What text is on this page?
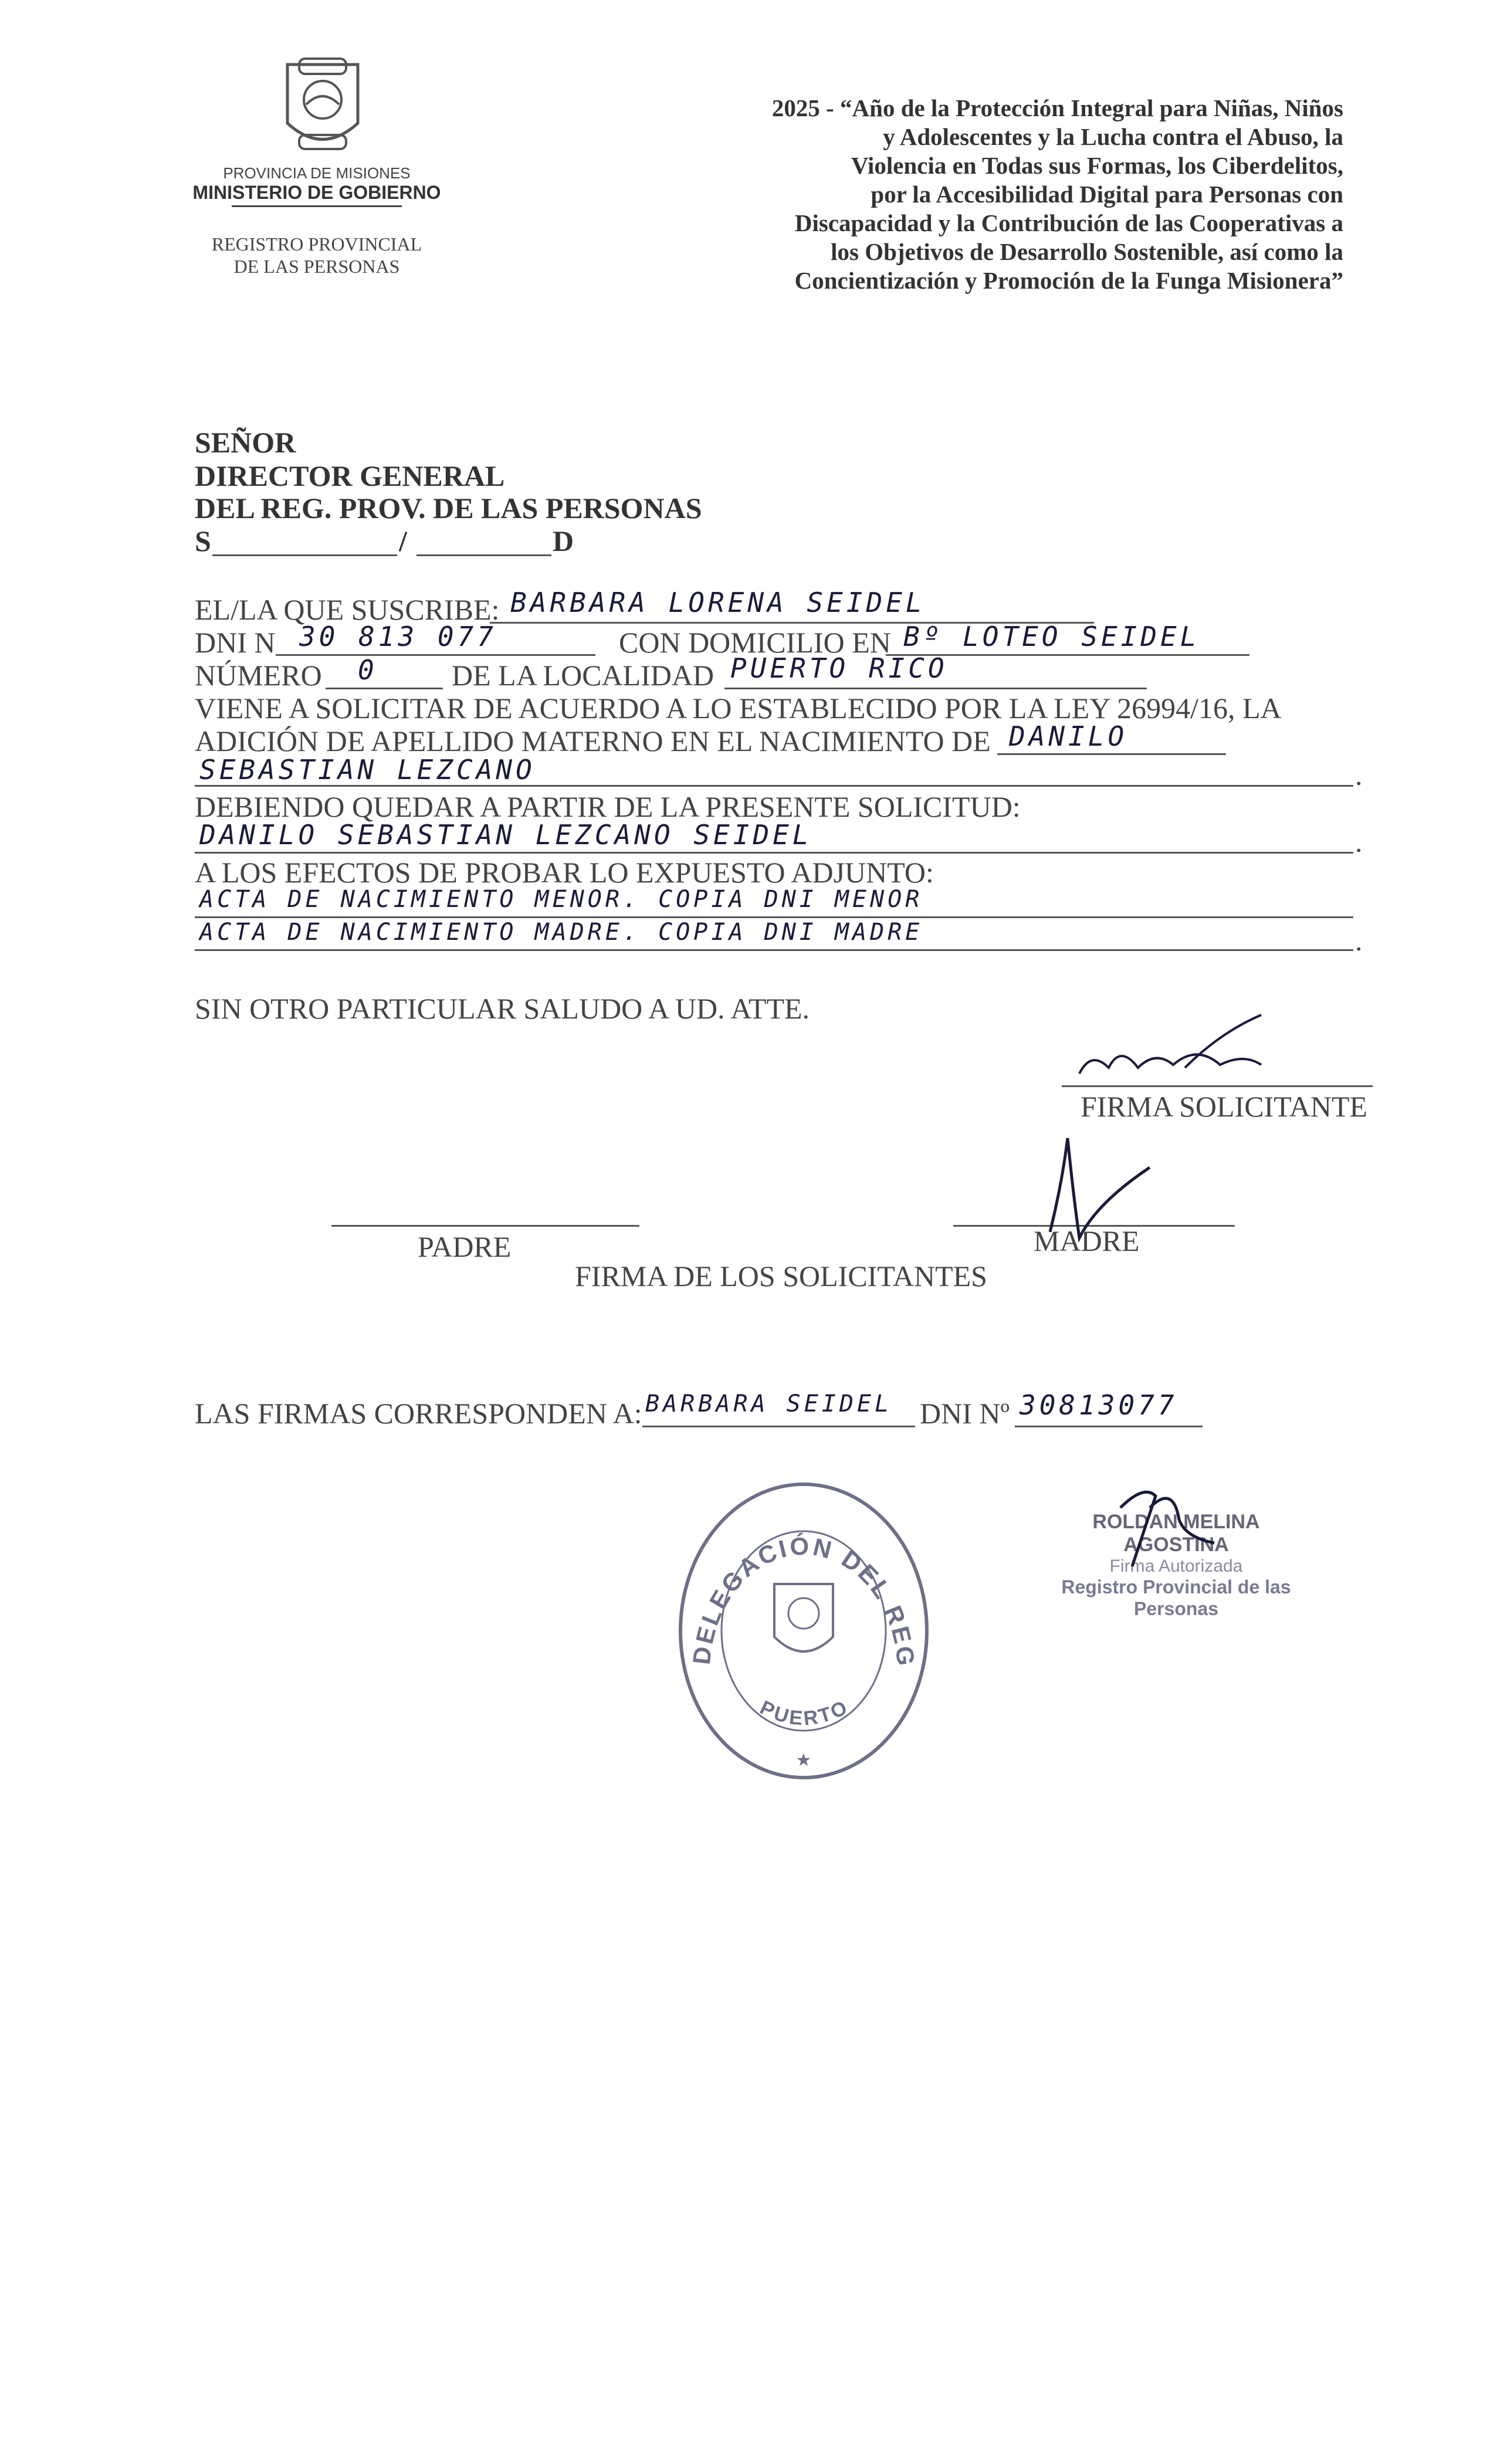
PROVINCIA DE MISIONES
MINISTERIO DE GOBIERNO
REGISTRO PROVINCIAL
DE LAS PERSONAS
2025 - “Año de la Protección Integral para Niñas, Niños
y Adolescentes y la Lucha contra el Abuso, la
Violencia en Todas sus Formas, los Ciberdelitos,
por la Accesibilidad Digital para Personas con
Discapacidad y la Contribución de las Cooperativas a
los Objetivos de Desarrollo Sostenible, así como la
Concientización y Promoción de la Funga Misionera”
SEÑOR
DIRECTOR GENERAL
DEL REG. PROV. DE LAS PERSONAS
S	/	D
EL/LA QUE SUSCRIBE: BARBARA LORENA SEIDEL
DNI N 30 813 077	CON DOMICILIO EN Bº LOTEO SEIDEL
NÚMERO 0	DE LA LOCALIDAD PUERTO RICO
VIENE A SOLICITAR DE ACUERDO A LO ESTABLECIDO POR LA LEY 26994/16, LA
ADICIÓN DE APELLIDO MATERNO EN EL NACIMIENTO DE DANILO
SEBASTIAN LEZCANO	.
DEBIENDO QUEDAR A PARTIR DE LA PRESENTE SOLICITUD:
DANILO SEBASTIAN LEZCANO SEIDEL	.
A LOS EFECTOS DE PROBAR LO EXPUESTO ADJUNTO:
ACTA DE NACIMIENTO MENOR. COPIA DNI MENOR
ACTA DE NACIMIENTO MADRE. COPIA DNI MADRE	.
SIN OTRO PARTICULAR SALUDO A UD. ATTE.
FIRMA SOLICITANTE
PADRE	MADRE
FIRMA DE LOS SOLICITANTES
LAS FIRMAS CORRESPONDEN A: BARBARA SEIDEL DNI Nº 30813077
DELEGACIÓN DEL REG
PUERTO
★
ROLDAN MELINA AGOSTINA
Firma Autorizada
Registro Provincial de las Personas
